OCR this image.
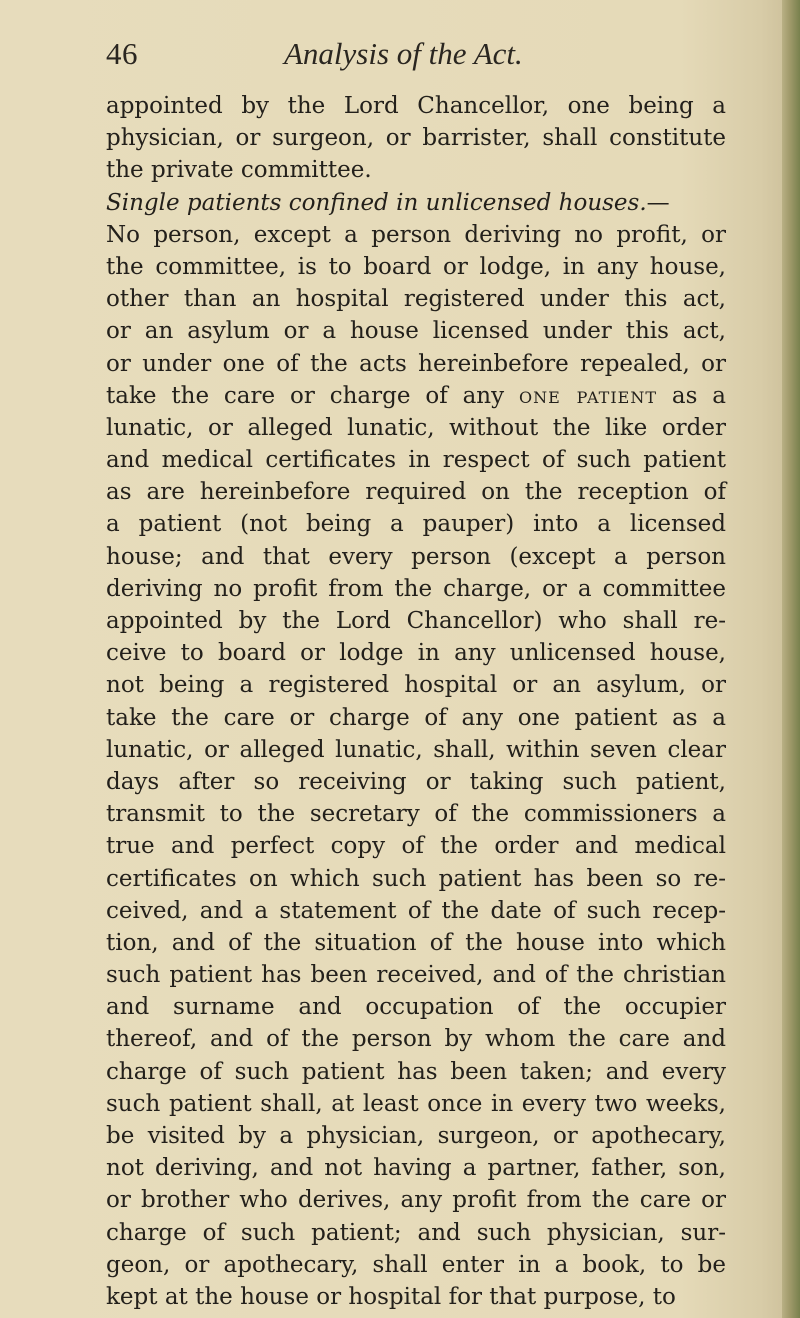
46	Analysis of the Act.
appointed by the Lord Chancellor, one being a
physician, or surgeon, or barrister, shall constitute
the private committee.
Single patients confined in unlicensed houses.—
No person, except a person deriving no profit, or
the committee, is to board or lodge, in any house,
other than an hospital registered under this act,
or an asylum or a house licensed under this act,
or under one of the acts hereinbefore repealed, or
take the care or charge of any one patient as a
lunatic, or alleged lunatic, without the like order
and medical certificates in respect of such patient
as are hereinbefore required on the reception of
a patient (not being a pauper) into a licensed
house; and that every person (except a person
deriving no profit from the charge, or a committee
appointed by the Lord Chancellor) who shall re-
ceive to board or lodge in any unlicensed house,
not being a registered hospital or an asylum, or
take the care or charge of any one patient as a
lunatic, or alleged lunatic, shall, within seven clear
days after so receiving or taking such patient,
transmit to the secretary of the commissioners a
true and perfect copy of the order and medical
certificates on which such patient has been so re-
ceived, and a statement of the date of such recep-
tion, and of the situation of the house into which
such patient has been received, and of the christian
and surname and occupation of the occupier
thereof, and of the person by whom the care and
charge of such patient has been taken; and every
such patient shall, at least once in every two weeks,
be visited by a physician, surgeon, or apothecary,
not deriving, and not having a partner, father, son,
or brother who derives, any profit from the care or
charge of such patient; and such physician, sur-
geon, or apothecary, shall enter in a book, to be
kept at the house or hospital for that purpose, to
